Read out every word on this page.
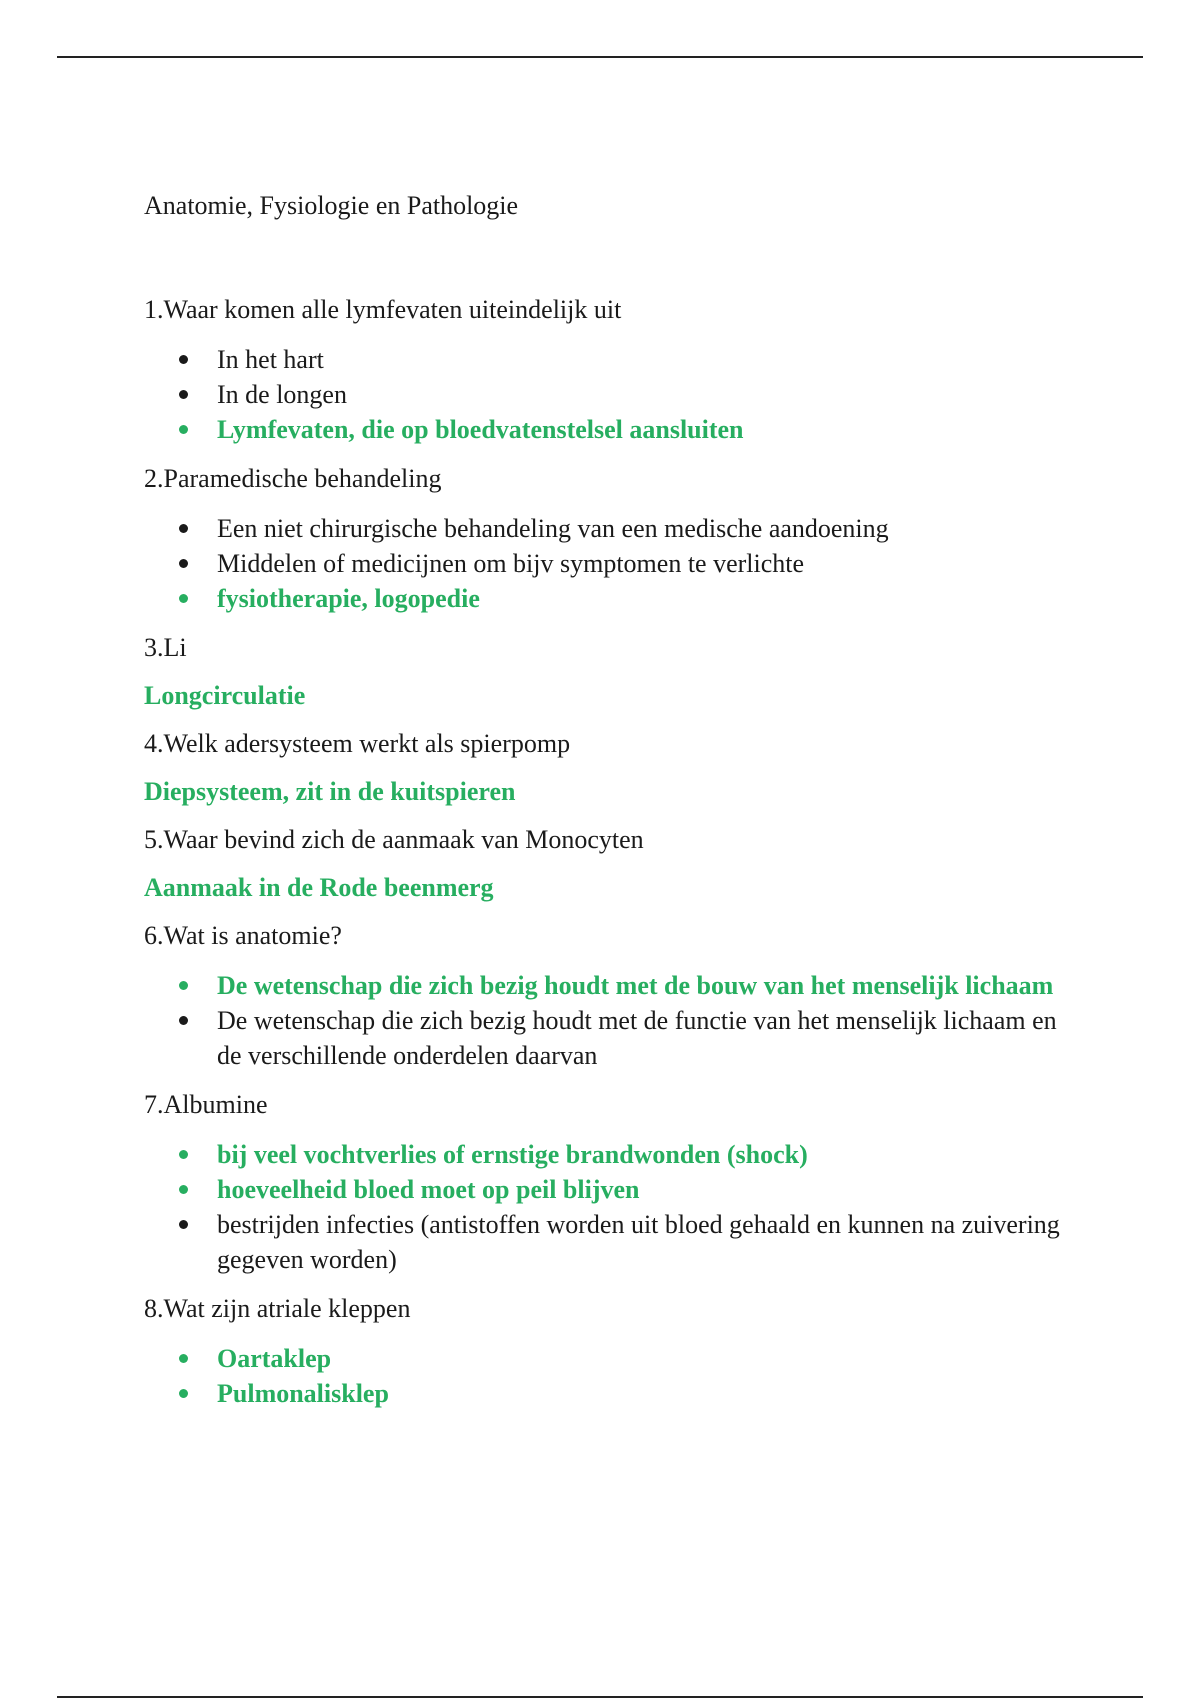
Anatomie, Fysiologie en Pathologie

1.Waar komen alle lymfevaten uiteindelijk uit

In het hart
In de longen
Lymfevaten, die op bloedvatenstelsel aansluiten

2.Paramedische behandeling

Een niet chirurgische behandeling van een medische aandoening
Middelen of medicijnen om bijv symptomen te verlichte
fysiotherapie, logopedie

3.Li

Longcirculatie

4.Welk adersysteem werkt als spierpomp

Diepsysteem, zit in de kuitspieren

5.Waar bevind zich de aanmaak van Monocyten

Aanmaak in de Rode beenmerg

6.Wat is anatomie?

De wetenschap die zich bezig houdt met de bouw van het menselijk lichaam
De wetenschap die zich bezig houdt met de functie van het menselijk lichaam en de verschillende onderdelen daarvan

7.Albumine

bij veel vochtverlies of ernstige brandwonden (shock)
hoeveelheid bloed moet op peil blijven
bestrijden infecties (antistoffen worden uit bloed gehaald en kunnen na zuivering gegeven worden)

8.Wat zijn atriale kleppen

Oartaklep
Pulmonalisklep
